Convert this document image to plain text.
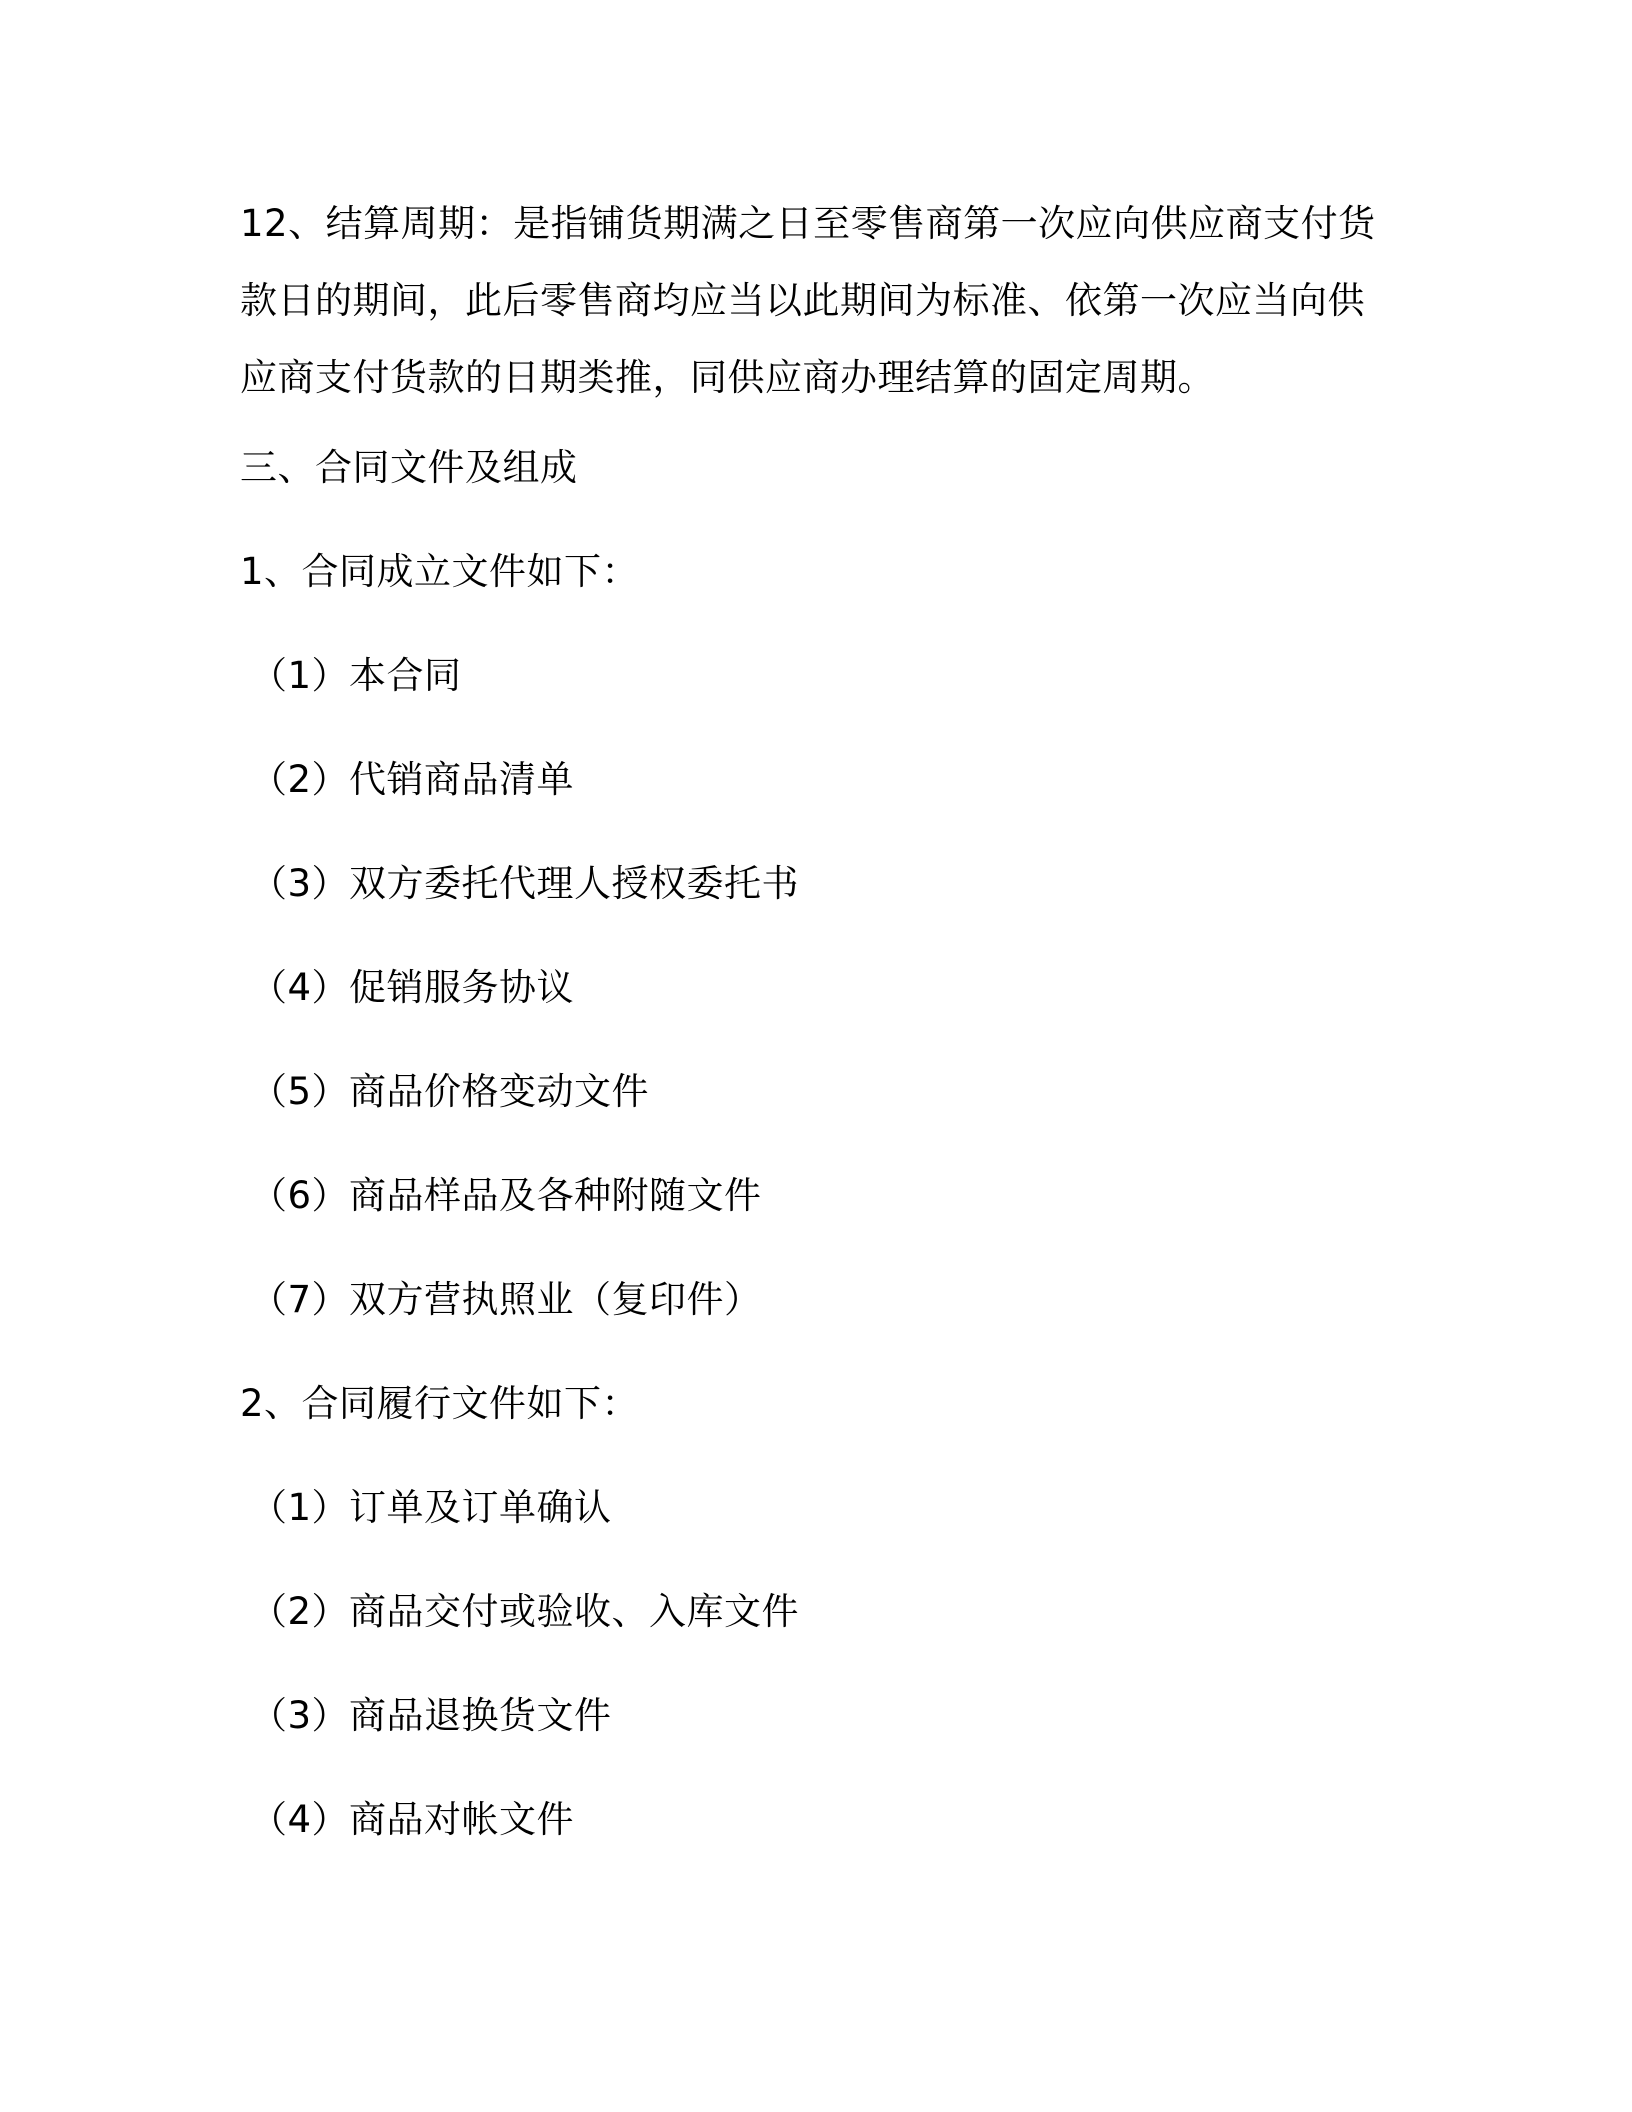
12、结算周期：是指铺货期满之日至零售商第一次应向供应商支付货
款日的期间，此后零售商均应当以此期间为标准、依第一次应当向供
应商支付货款的日期类推，同供应商办理结算的固定周期。
三、合同文件及组成
1、合同成立文件如下：
（1）本合同
（2）代销商品清单
（3）双方委托代理人授权委托书
（4）促销服务协议
（5）商品价格变动文件
（6）商品样品及各种附随文件
（7）双方营执照业（复印件）
2、合同履行文件如下：
（1）订单及订单确认
（2）商品交付或验收、入库文件
（3）商品退换货文件
（4）商品对帐文件
